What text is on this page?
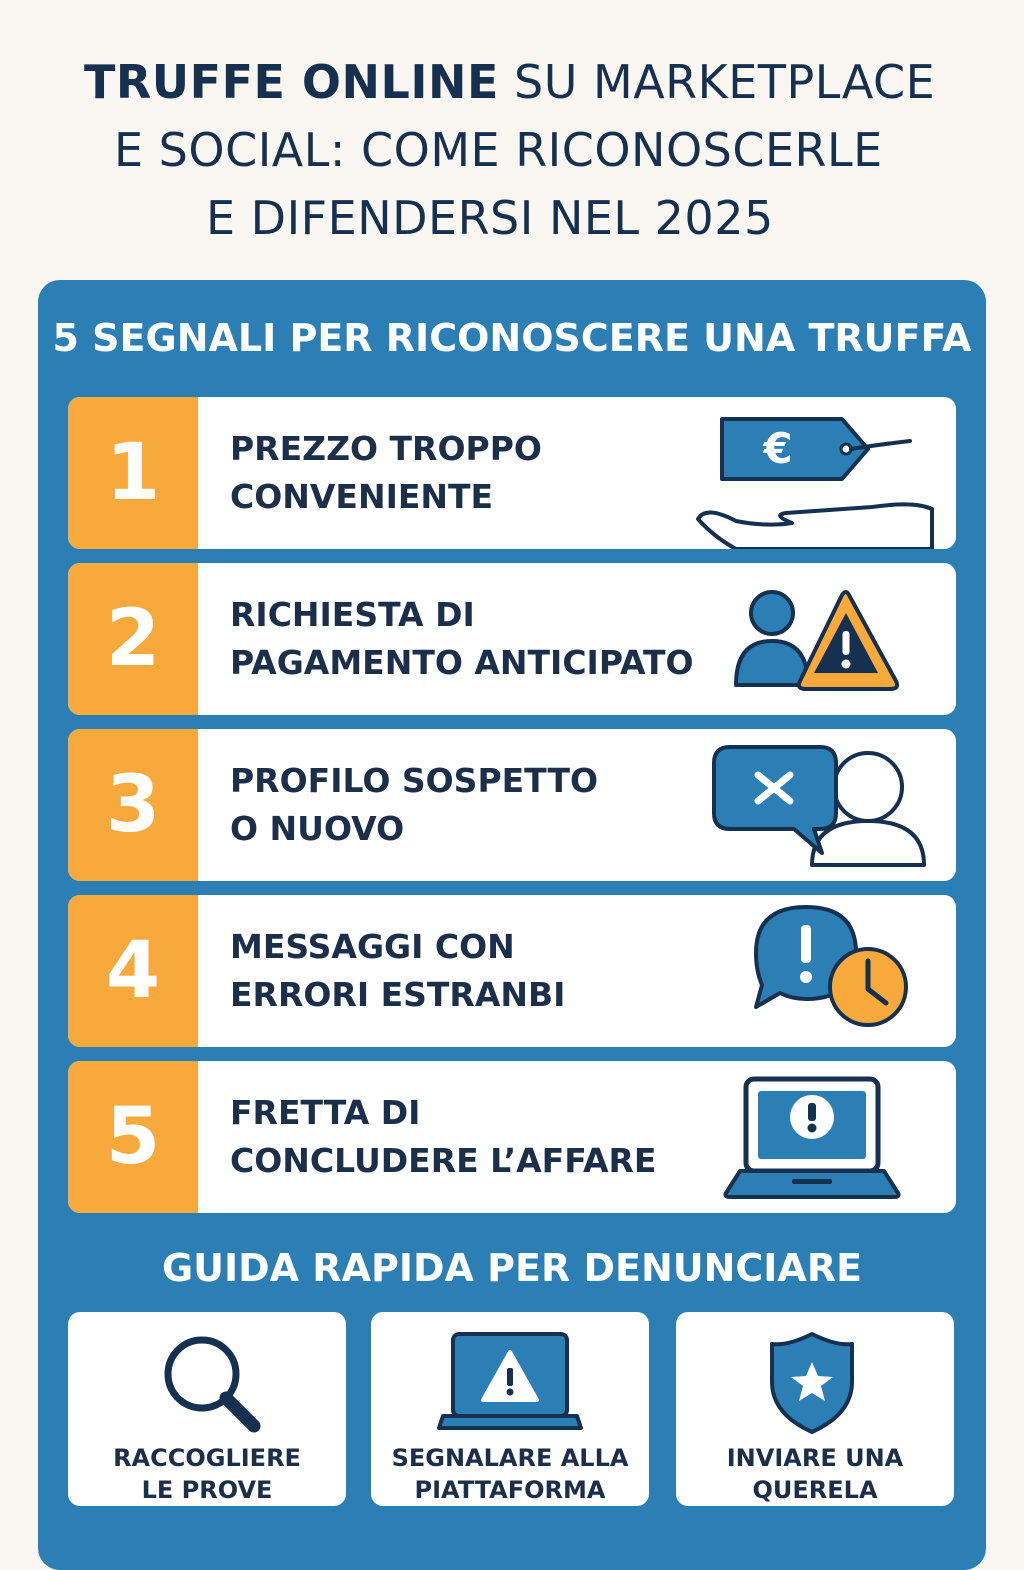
TRUFFE ONLINE SU MARKETPLACE
E SOCIAL: COME RICONOSCERLE
E DIFENDERSI NEL 2025
5 SEGNALI PER RICONOSCERE UNA TRUFFA
1	PREZZO TROPPO
CONVENIENTE
€
2	RICHIESTA DI
PAGAMENTO ANTICIPATO
3	PROFILO SOSPETTO
O NUOVO
4	MESSAGGI CON
ERRORI ESTRANBI
5	FRETTA DI
CONCLUDERE L’AFFARE
GUIDA RAPIDA PER DENUNCIARE
RACCOGLIERE
LE PROVE
SEGNALARE ALLA
PIATTAFORMA
INVIARE UNA
QUERELA
